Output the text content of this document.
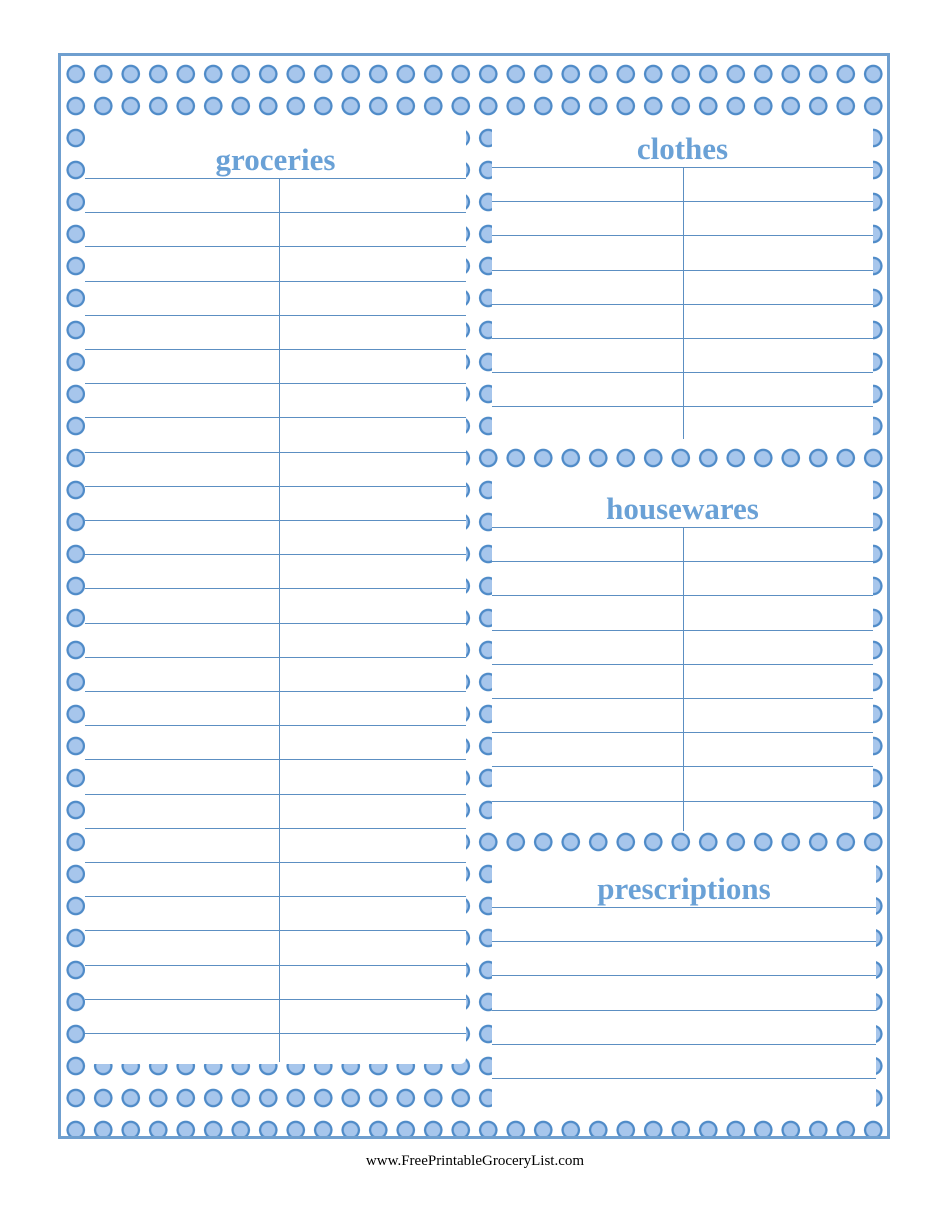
groceries	clothes
housewares
prescriptions
www.FreePrintableGroceryList.com
